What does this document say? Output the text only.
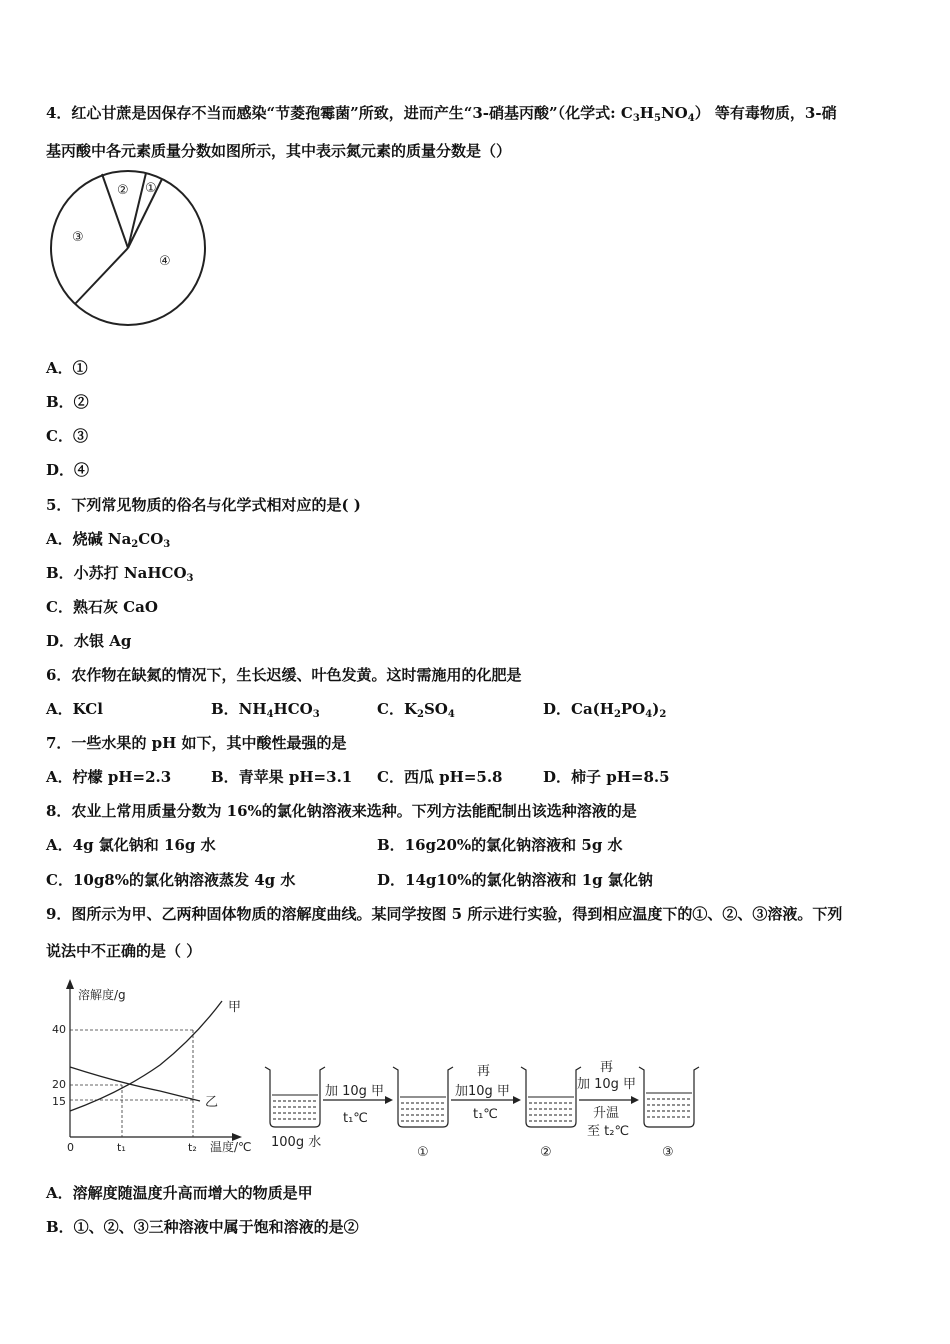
4．红心甘蔗是因保存不当而感染“节菱孢霉菌”所致，进而产生“3-硝基丙酸”（化学式: $C_3H_5NO_4$） 等有毒物质，3-硝
基丙酸中各元素质量分数如图所示，其中表示氮元素的质量分数是（）
② ①
③
④
A．①
B．②
C．③
D．④
5．下列常见物质的俗名与化学式相对应的是( )
A．烧碱 $Na_2CO_3$
B．小苏打 NaHCO$_3$
C．熟石灰 CaO
D．水银 Ag
6．农作物在缺氮的情况下，生长迟缓、叶色发黄。这时需施用的化肥是
A．KCl	B．$NH_4HCO_3$	C．$K_2SO_4$	D．$Ca(H_2PO_4)_2$
7．一些水果的 pH 如下，其中酸性最强的是
A．柠檬 pH=2.3	B．青苹果 pH=3.1 C．西瓜 pH=5.8	D．柿子 pH=8.5
8．农业上常用质量分数为 16%的氯化钠溶液来选种。下列方法能配制出该选种溶液的是
A．4g 氯化钠和 16g 水	B．16g20%的氯化钠溶液和 5g 水
C．10g8%的氯化钠溶液蒸发 4g 水	D．14g10%的氯化钠溶液和 1g 氯化钠
9．图所示为甲、乙两种固体物质的溶解度曲线。某同学按图 5 所示进行实验，得到相应温度下的①、②、③溶液。下列
说法中不正确的是（ ）
溶解度/g
温度/℃
40
20
15
0	t₁	t₂
甲
乙
加 10g 甲
t₁℃
再
加10g 甲
t₁℃
再
加 10g 甲
升温
至 t₂℃
100g 水
①	②	③
A．溶解度随温度升高而增大的物质是甲
B．①、②、③三种溶液中属于饱和溶液的是②
